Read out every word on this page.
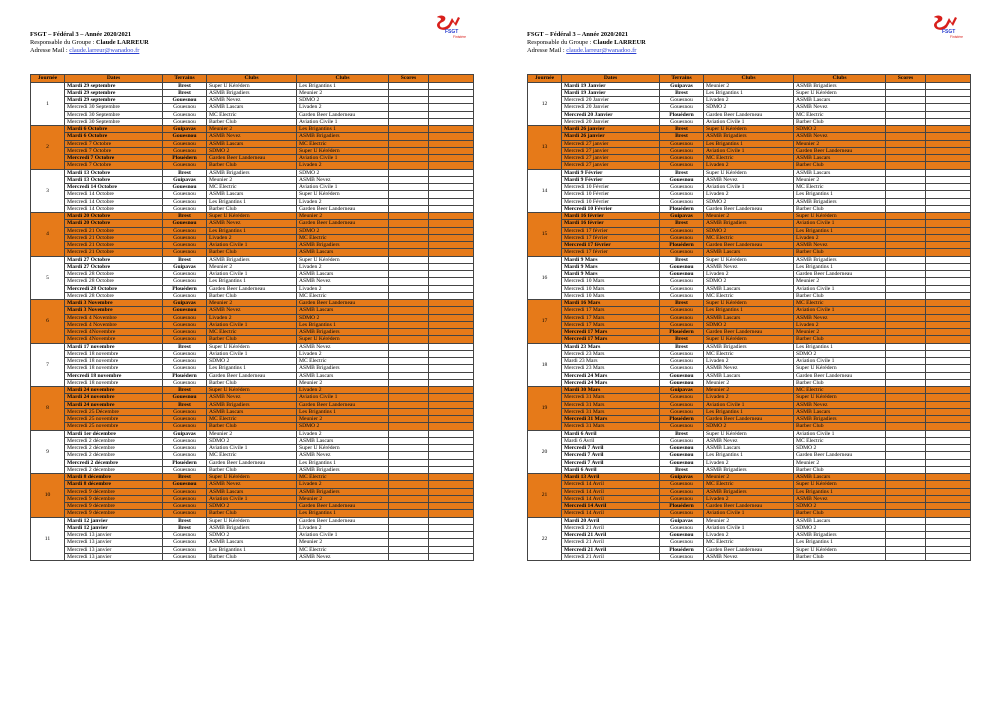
FSGT – Fédéral 3 – Année 2020/2021
Responsable du Groupe : Claude LARREUR
Adresse Mail : claude.larreur@wanadoo.fr
FSGT
Finistère
Journée	Dates	Terrains	Clubs	Clubs	Scores	
1	Mardi 29 septembre	Brest	Super U Kérédern	Les Brigantins 1		
	Mardi 29 septembre	Brest	ASMB Brigadiers	Meunier 2		
	Mardi 29 septembre	Gouesnou	ASMB Nevez	SDMO 2		
	Mercredi 30 Septembre	Gouesnou	ASMB Lascars	Livaden 2		
	Mercredi 30 Septembre	Gouesnou	MC Electric	Garden Beer Landerneau		
	Mercredi 30 Septembre	Gouesnou	Barber Club	Aviation Civile 1		
2	Mardi 6 Octobre	Guipavas	Meunier 2	Les Brigantins 1		
	Mardi 6 Octobre	Gouesnou	ASMB Nevez	ASMB Brigadiers		
	Mercredi 7 Octobre	Gouesnou	ASMB Lascars	MC Electric		
	Mercredi 7 Octobre	Gouesnou	SDMO 2	Super U Kérédern		
	Mercredi 7 Octobre	Plouédern	Garden Beer Landerneau	Aviation Civile 1		
	Mercredi 7 Octobre	Gouesnou	Barber Club	Livaden 2		
3	Mardi 13 Octobre	Brest	ASMB Brigadiers	SDMO 2		
	Mardi 13 Octobre	Guipavas	Meunier 2	ASMB Nevez		
	Mercredi 14 Octobre	Gouesnou	MC Electric	Aviation Civile 1		
	Mercredi 14 Octobre	Gouesnou	ASMB Lascars	Super U Kérédern		
	Mercredi 14 Octobre	Gouesnou	Les Brigantins 1	Livaden 2		
	Mercredi 14 Octobre	Gouesnou	Barber Club	Garden Beer Landerneau		
4	Mardi 20 Octobre	Brest	Super U Kérédern	Meunier 2		
	Mardi 20 Octobre	Gouesnou	ASMB Nevez	Garden Beer Landerneau		
	Mercredi 21 Octobre	Gouesnou	Les Brigantins 1	SDMO 2		
	Mercredi 21 Octobre	Gouesnou	Livaden 2	MC Electric		
	Mercredi 21 Octobre	Gouesnou	Aviation Civile 1	ASMB Brigadiers		
	Mercredi 21 Octobre	Gouesnou	Barber Club	ASMB Lascars		
5	Mardi 27 Octobre	Brest	ASMB Brigadiers	Super U Kérédern		
	Mardi 27 Octobre	Guipavas	Meunier 2	Livaden 2		
	Mercredi 28 Octobre	Gouesnou	Aviation Civile 1	ASMB Lascars		
	Mercredi 28 Octobre	Gouesnou	Les Brigantins 1	ASMB Nevez		
	Mercredi 28 Octobre	Plouédern	Garden Beer Landerneau	Livaden 2		
	Mercredi 28 Octobre	Gouesnou	Barber Club	MC Electric		
6	Mardi 3 Novembre	Guipavas	Meunier 2	Garden Beer Landerneau		
	Mardi 3 Novembre	Gouesnou	ASMB Nevez	ASMB Lascars		
	Mercredi 4 Novembre	Gouesnou	Livaden 2	SDMO 2		
	Mercredi 4 Novembre	Gouesnou	Aviation Civile 1	Les Brigantins 1		
	Mercredi 4Novembre	Gouesnou	MC Electric	ASMB Brigadiers		
	Mercredi 4Novembre	Gouesnou	Barber Club	Super U Kérédern		
7	Mardi 17 novembre	Brest	Super U Kérédern	ASMB Nevez		
	Mercredi 18 novembre	Gouesnou	Aviation Civile 1	Livaden 2		
	Mercredi 18 novembre	Gouesnou	SDMO 2	MC Electric		
	Mercredi 18 novembre	Gouesnou	Les Brigantins 1	ASMB Brigadiers		
	Mercredi 18 novembre	Plouédern	Garden Beer Landerneau	ASMB Lascars		
	Mercredi 18 novembre	Gouesnou	Barber Club	Meunier 2		
8	Mardi 24 novembre	Brest	Super U Kérédern	Livaden 2		
	Mardi 24 novembre	Gouesnou	ASMB Nevez	Aviation Civile 1		
	Mardi 24 novembre	Brest	ASMB Brigadiers	Garden Beer Landerneau		
	Mercredi 25 Décembre	Gouesnou	ASMB Lascars	Les Brigantins 1		
	Mercredi 25 novembre	Gouesnou	MC Electric	Meunier 2		
	Mercredi 25 novembre	Gouesnou	Barber Club	SDMO 2		
9	Mardi 1er décembre	Guipavas	Meunier 2	Livaden 2		
	Mercredi 2 décembre	Gouesnou	SDMO 2	ASMB Lascars		
	Mercredi 2 décembre	Gouesnou	Aviation Civile 1	Super U Kérédern		
	Mercredi 2 décembre	Gouesnou	MC Electric	ASMB Nevez		
	Mercredi 2 décembre	Plouédern	Garden Beer Landerneau	Les Brigantins 1		
	Mercredi 2 décembre	Gouesnou	Barber Club	ASMB Brigadiers		
10	Mardi 8 décembre	Brest	Super U Kérédern	MC Electric		
	Mardi 8 décembre	Gouesnou	ASMB Nevez	Livaden 2		
	Mercredi 9 décembre	Gouesnou	ASMB Lascars	ASMB Brigadiers		
	Mercredi 9 décembre	Gouesnou	Aviation Civile 1	Meunier 2		
	Mercredi 9 décembre	Gouesnou	SDMO 2	Garden Beer Landerneau		
	Mercredi 9 décembre	Gouesnou	Barber Club	Les Brigantins 1		
11	Mardi 12 janvier	Brest	Super U Kérédern	Garden Beer Landerneau		
	Mardi 12 janvier	Brest	ASMB Brigadiers	Livaden 2		
	Mercredi 13 janvier	Gouesnou	SDMO 2	Aviation Civile 1		
	Mercredi 13 janvier	Gouesnou	ASMB Lascars	Meunier 2		
	Mercredi 13 janvier	Gouesnou	Les Brigantins 1	MC Electric		
	Mercredi 13 janvier	Gouesnou	Barber Club	ASMB Nevez		
FSGT – Fédéral 3 – Année 2020/2021
Responsable du Groupe : Claude LARREUR
Adresse Mail : claude.larreur@wanadoo.fr
FSGT
Finistère
Journée	Dates	Terrains	Clubs	Clubs	Scores	
12	Mardi 19 Janvier	Guipavas	Meunier 2	ASMB Brigadiers		
	Mardi 19 Janvier	Brest	Les Brigantins 1	Super U Kérédern		
	Mercredi 20 Janvier	Gouesnou	Livaden 2	ASMB Lascars		
	Mercredi 20 Janvier	Gouesnou	SDMO 2	ASMB Nevez		
	Mercredi 20 Janvier	Plouédern	Garden Beer Landerneau	MC Electric		
	Mercredi 20 Janvier	Gouesnou	Aviation Civile 1	Barber Club		
13	Mardi 26 janvier	Brest	Super U Kérédern	SDMO 2		
	Mardi 26 janvier	Brest	ASMB Brigadiers	ASMB Nevez		
	Mercredi 27 janvier	Gouesnou	Les Brigantins 1	Meunier 2		
	Mercredi 27 janvier	Gouesnou	Aviation Civile 1	Garden Beer Landerneau		
	Mercredi 27 janvier	Gouesnou	MC Electric	ASMB Lascars		
	Mercredi 27 janvier	Gouesnou	Livaden 2	Barber Club		
14	Mardi 9 Février	Brest	Super U Kérédern	ASMB Lascars		
	Mardi 9 Février	Gouesnou	ASMB Nevez	Meunier 2		
	Mercredi 10 Février	Gouesnou	Aviation Civile 1	MC Electric		
	Mercredi 10 Février	Gouesnou	Livaden 2	Les Brigantins 1		
	Mercredi 10 Février	Gouesnou	SDMO 2	ASMB Brigadiers		
	Mercredi 10 Février	Plouédern	Garden Beer Landerneau	Barber Club		
15	Mardi 16 février	Guipavas	Meunier 2	Super U Kérédern		
	Mardi 16 février	Brest	ASMB Brigadiers	Aviation Civile 1		
	Mercredi 17 février	Gouesnou	SDMO 2	Les Brigantins 1		
	Mercredi 17 février	Gouesnou	MC Electric	Livaden 2		
	Mercredi 17 février	Plouédern	Garden Beer Landerneau	ASMB Nevez		
	Mercredi 17 février	Gouesnou	ASMB Lascars	Barber Club		
16	Mardi 9 Mars	Brest	Super U Kérédern	ASMB Brigadiers		
	Mardi 9 Mars	Gouesnou	ASMB Nevez	Les Brigantins 1		
	Mardi 9 Mars	Gouesnou	Livaden 2	Garden Beer Landerneau		
	Mercredi 10 Mars	Gouesnou	SDMO 2	Meunier 2		
	Mercredi 10 Mars	Gouesnou	ASMB Lascars	Aviation Civile 1		
	Mercredi 10 Mars	Gouesnou	MC Electric	Barber Club		
17	Mardi 16 Mars	Brest	Super U Kérédern	MC Electric		
	Mercredi 17 Mars	Gouesnou	Les Brigantins 1	Aviation Civile 1		
	Mercredi 17 Mars	Gouesnou	ASMB Lascars	ASMB Nevez		
	Mercredi 17 Mars	Gouesnou	SDMO 2	Livaden 2		
	Mercredi 17 Mars	Plouédern	Garden Beer Landerneau	Meunier 2		
	Mercredi 17 Mars	Brest	Super U Kérédern	Barber Club		
18	Mardi 23 Mars	Brest	ASMB Brigadiers	Les Brigantins 1		
	Mercredi 23 Mars	Gouesnou	MC Electric	SDMO 2		
	Mardi 23 Mars	Gouesnou	Livaden 2	Aviation Civile 1		
	Mercredi 23 Mars	Gouesnou	ASMB Nevez	Super U Kérédern		
	Mercredi 24 Mars	Gouesnou	ASMB Lascars	Garden Beer Landerneau		
	Mercredi 24 Mars	Gouesnou	Meunier 2	Barber Club		
19	Mardi 30 Mars	Guipavas	Meunier 2	MC Electric		
	Mercredi 31 Mars	Gouesnou	Livaden 2	Super U Kérédern		
	Mercredi 31 Mars	Gouesnou	Aviation Civile 1	ASMB Nevez		
	Mercredi 31 Mars	Gouesnou	Les Brigantins 1	ASMB Lascars		
	Mercredi 31 Mars	Plouédern	Garden Beer Landerneau	ASMB Brigadiers		
	Mercredi 31 Mars	Gouesnou	SDMO 2	Barber Club		
20	Mardi 6 Avril	Brest	Super U Kérédern	Aviation Civile 1		
	Mardi 6 Avril	Gouesnou	ASMB Nevez	MC Electric		
	Mercredi 7 Avril	Gouesnou	ASMB Lascars	SDMO 2		
	Mercredi 7 Avril	Gouesnou	Les Brigantins 1	Garden Beer Landerneau		
	Mercredi 7 Avril	Gouesnou	Livaden 2	Meunier 2		
	Mardi 6 Avril	Brest	ASMB Brigadiers	Barber Club		
21	Mardi 13 Avril	Guipavas	Meunier 2	ASMB Lascars		
	Mercredi 14 Avril	Gouesnou	MC Electric	Super U Kérédern		
	Mercredi 14 Avril	Gouesnou	ASMB Brigadiers	Les Brigantins 1		
	Mercredi 14 Avril	Gouesnou	Livaden 2	ASMB Nevez		
	Mercredi 14 Avril	Plouédern	Garden Beer Landerneau	SDMO 2		
	Mercredi 14 Avril	Gouesnou	Aviation Civile 1	Barber Club		
22	Mardi 20 Avril	Guipavas	Meunier 2	ASMB Lascars		
	Mercredi 21 Avril	Gouesnou	Aviation Civile 1	SDMO 2		
	Mercredi 21 Avril	Gouesnou	Livaden 2	ASMB Brigadiers		
	Mercredi 21 Avril	Gouesnou	MC Electric	Les Brigantins 1		
	Mercredi 21 Avril	Plouédern	Garden Beer Landerneau	Super U Kérédern		
	Mercredi 21 Avril	Gouesnou	ASMB Nevez	Barber Club		
